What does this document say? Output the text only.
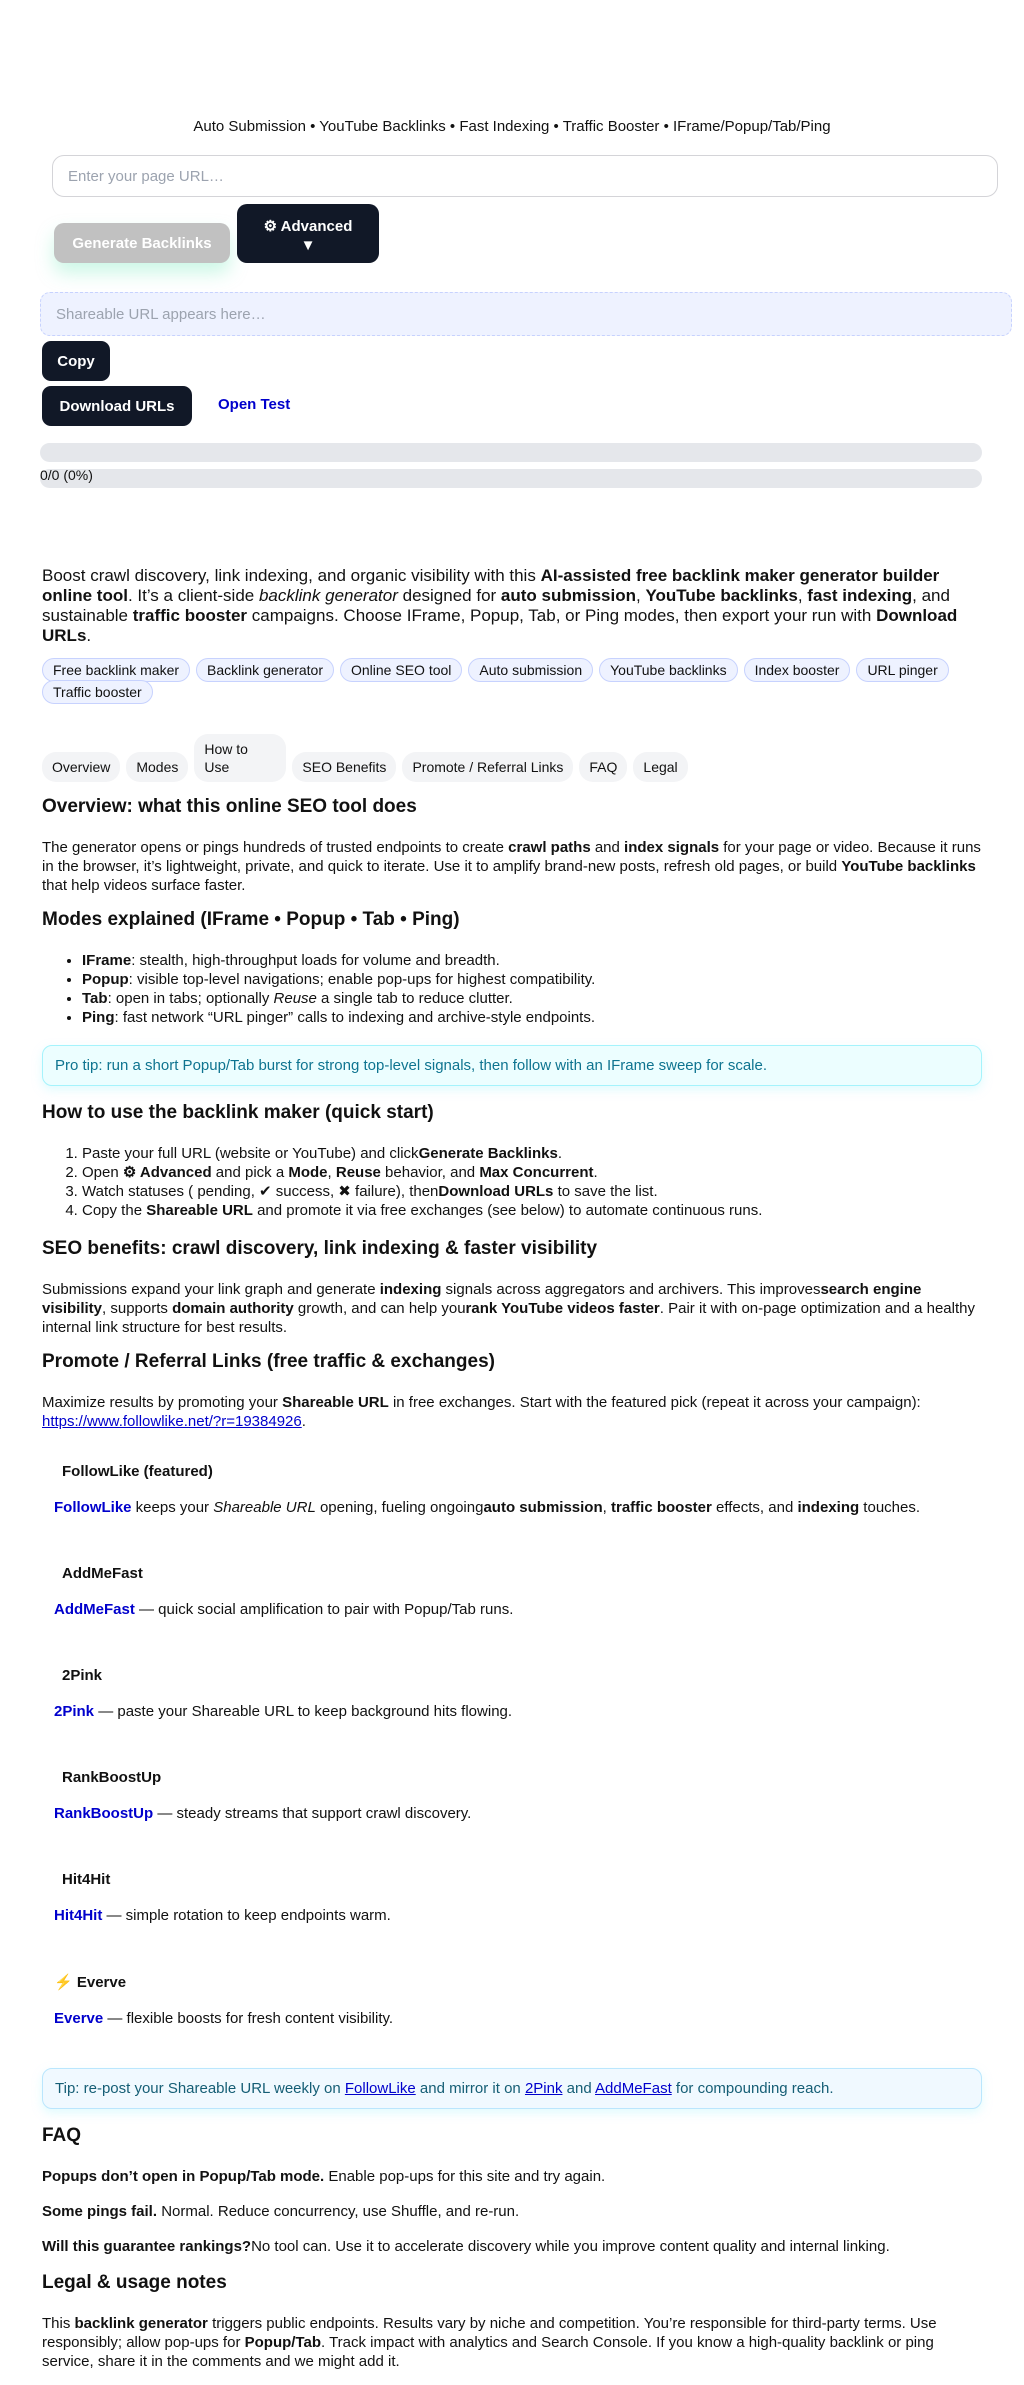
Auto Submission • YouTube Backlinks • Fast Indexing • Traffic Booster • IFrame/Popup/Tab/Ping
Enter your page URL…
Generate Backlinks
⚙ Advanced
▼
Shareable URL appears here…
Copy
Download URLs	Open Test
0/0 (0%)

Boost crawl discovery, link indexing, and organic visibility with this AI-assisted free backlink maker generator builder online tool. It’s a client-side backlink generator designed for auto submission, YouTube backlinks, fast indexing, and sustainable traffic booster campaigns. Choose IFrame, Popup, Tab, or Ping modes, then export your run with Download URLs.

Free backlink maker	Backlink generator	Online SEO tool	Auto submission	YouTube backlinks	Index booster	URL pinger
Traffic booster
Overview	Modes
How to Use	SEO Benefits	Promote / Referral Links	FAQ	Legal
Overview: what this online SEO tool does

The generator opens or pings hundreds of trusted endpoints to create crawl paths and index signals for your page or video. Because it runs in the browser, it’s lightweight, private, and quick to iterate. Use it to amplify brand-new posts, refresh old pages, or build YouTube backlinks that help videos surface faster.

Modes explained (IFrame • Popup • Tab • Ping)
• IFrame: stealth, high-throughput loads for volume and breadth.
• Popup: visible top-level navigations; enable pop-ups for highest compatibility.
• Tab: open in tabs; optionally Reuse a single tab to reduce clutter.
• Ping: fast network “URL pinger” calls to indexing and archive-style endpoints.
Pro tip: run a short Popup/Tab burst for strong top-level signals, then follow with an IFrame sweep for scale.
How to use the backlink maker (quick start)
1. Paste your full URL (website or YouTube) and clickGenerate Backlinks.
2. Open ⚙ Advanced and pick a Mode, Reuse behavior, and Max Concurrent.
3. Watch statuses ( pending, ✔ success, ✖ failure), thenDownload URLs to save the list.
4. Copy the Shareable URL and promote it via free exchanges (see below) to automate continuous runs.
SEO benefits: crawl discovery, link indexing & faster visibility

Submissions expand your link graph and generate indexing signals across aggregators and archivers. This improvessearch engine visibility, supports domain authority growth, and can help yourank YouTube videos faster. Pair it with on-page optimization and a healthy internal link structure for best results.

Promote / Referral Links (free traffic & exchanges)

Maximize results by promoting your Shareable URL in free exchanges. Start with the featured pick (repeat it across your campaign): https://www.followlike.net/?r=19384926.

FollowLike (featured)

FollowLike keeps your Shareable URL opening, fueling ongoingauto submission, traffic booster effects, and indexing touches.

AddMeFast

AddMeFast — quick social amplification to pair with Popup/Tab runs.

2Pink

2Pink — paste your Shareable URL to keep background hits flowing.

RankBoostUp

RankBoostUp — steady streams that support crawl discovery.

Hit4Hit

Hit4Hit — simple rotation to keep endpoints warm.

⚡ Everve

Everve — flexible boosts for fresh content visibility.

Tip: re-post your Shareable URL weekly on FollowLike and mirror it on 2Pink and AddMeFast for compounding reach.
FAQ

Popups don’t open in Popup/Tab mode. Enable pop-ups for this site and try again.

Some pings fail. Normal. Reduce concurrency, use Shuffle, and re-run.

Will this guarantee rankings?No tool can. Use it to accelerate discovery while you improve content quality and internal linking.

Legal & usage notes

This backlink generator triggers public endpoints. Results vary by niche and competition. You’re responsible for third-party terms. Use responsibly; allow pop-ups for Popup/Tab. Track impact with analytics and Search Console. If you know a high-quality backlink or ping service, share it in the comments and we might add it.
